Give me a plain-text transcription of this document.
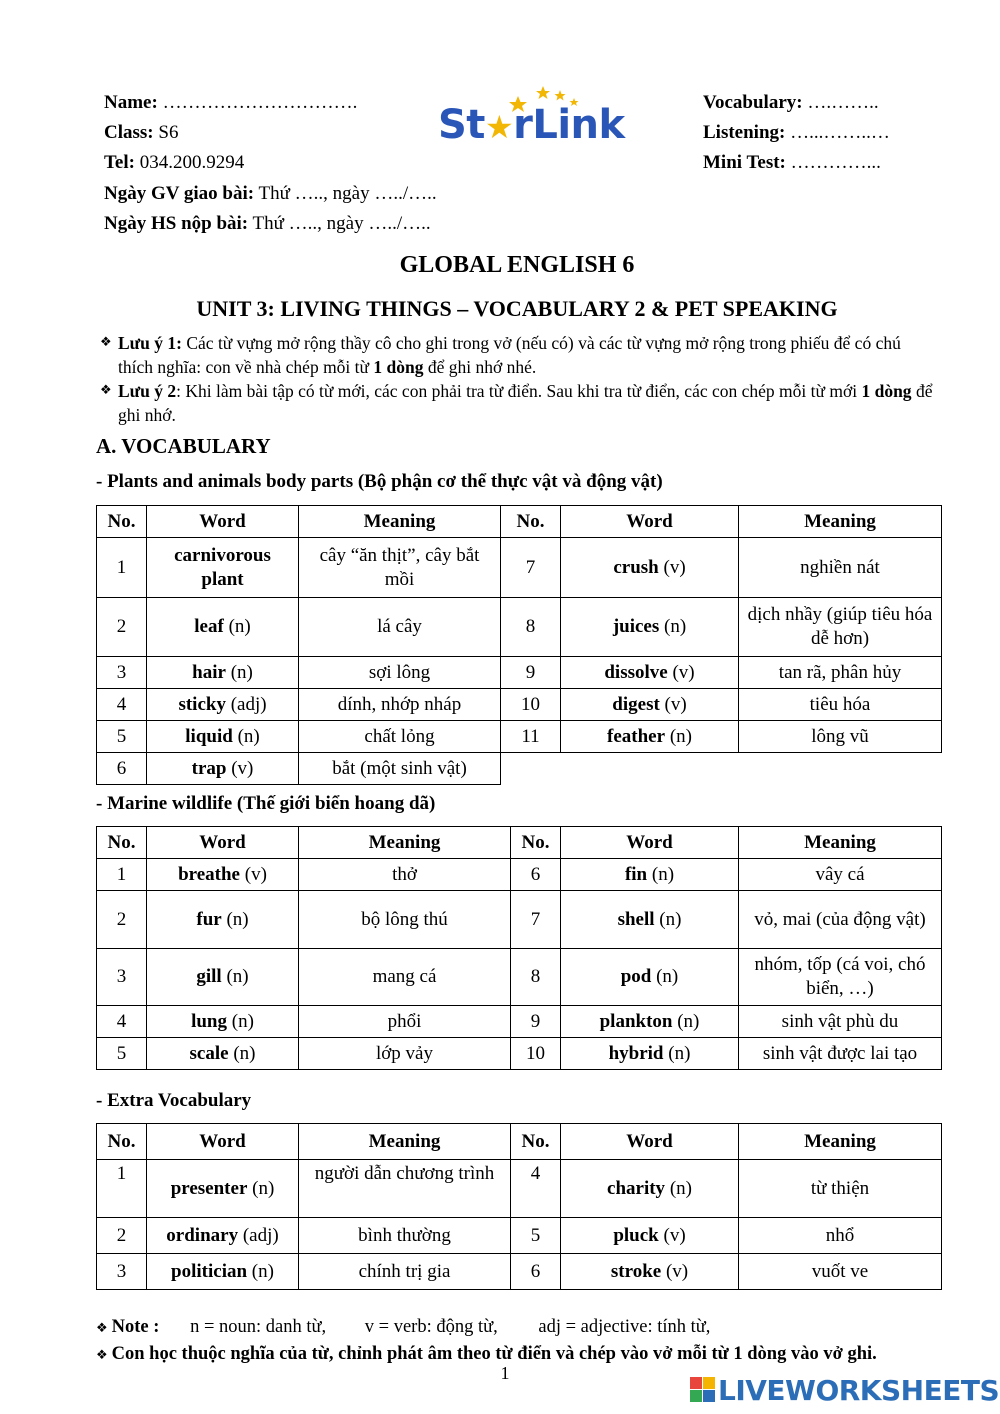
Name: ………………………….
Class: S6
Tel: 034.200.9294
Ngày GV giao bài: Thứ ….., ngày …../…..
Ngày HS nộp bài: Thứ ….., ngày …../…..
Vocabulary: ….……..
Listening: …...……..…
Mini Test: …………...
St★rLink
GLOBAL ENGLISH 6
UNIT 3: LIVING THINGS – VOCABULARY 2 & PET SPEAKING
❖ Lưu ý 1: Các từ vựng mở rộng thầy cô cho ghi trong vở (nếu có) và các từ vựng mở rộng trong phiếu để có chú thích nghĩa: con về nhà chép mỗi từ 1 dòng để ghi nhớ nhé.
❖ Lưu ý 2: Khi làm bài tập có từ mới, các con phải tra từ điển. Sau khi tra từ điển, các con chép mỗi từ mới 1 dòng để ghi nhớ.
A. VOCABULARY
- Plants and animals body parts (Bộ phận cơ thể thực vật và động vật)
No.	Word	Meaning	No.	Word	Meaning
1	carnivorous plant	cây “ăn thịt”, cây bắt mồi	7	crush (v)	nghiền nát
2	leaf (n)	lá cây	8	juices (n)	dịch nhầy (giúp tiêu hóa dễ hơn)
3	hair (n)	sợi lông	9	dissolve (v)	tan rã, phân hủy
4	sticky (adj)	dính, nhớp nháp	10	digest (v)	tiêu hóa
5	liquid (n)	chất lỏng	11	feather (n)	lông vũ
6	trap (v)	bắt (một sinh vật)			
- Marine wildlife (Thế giới biển hoang dã)
No.	Word	Meaning	No.	Word	Meaning
1	breathe (v)	thở	6	fin (n)	vây cá
2	fur (n)	bộ lông thú	7	shell (n)	vỏ, mai (của động vật)
3	gill (n)	mang cá	8	pod (n)	nhóm, tốp (cá voi, chó biển, …)
4	lung (n)	phổi	9	plankton (n)	sinh vật phù du
5	scale (n)	lớp vảy	10	hybrid (n)	sinh vật được lai tạo
- Extra Vocabulary
No.	Word	Meaning	No.	Word	Meaning
1	presenter (n)	người dẫn chương trình	4	charity (n)	từ thiện
2	ordinary (adj)	bình thường	5	pluck (v)	nhổ
3	politician (n)	chính trị gia	6	stroke (v)	vuốt ve
❖ Note : n = noun: danh từ, v = verb: động từ, adj = adjective: tính từ,
❖ Con học thuộc nghĩa của từ, chỉnh phát âm theo từ điển và chép vào vở mỗi từ 1 dòng vào vở ghi.
1
LIVEWORKSHEETS
